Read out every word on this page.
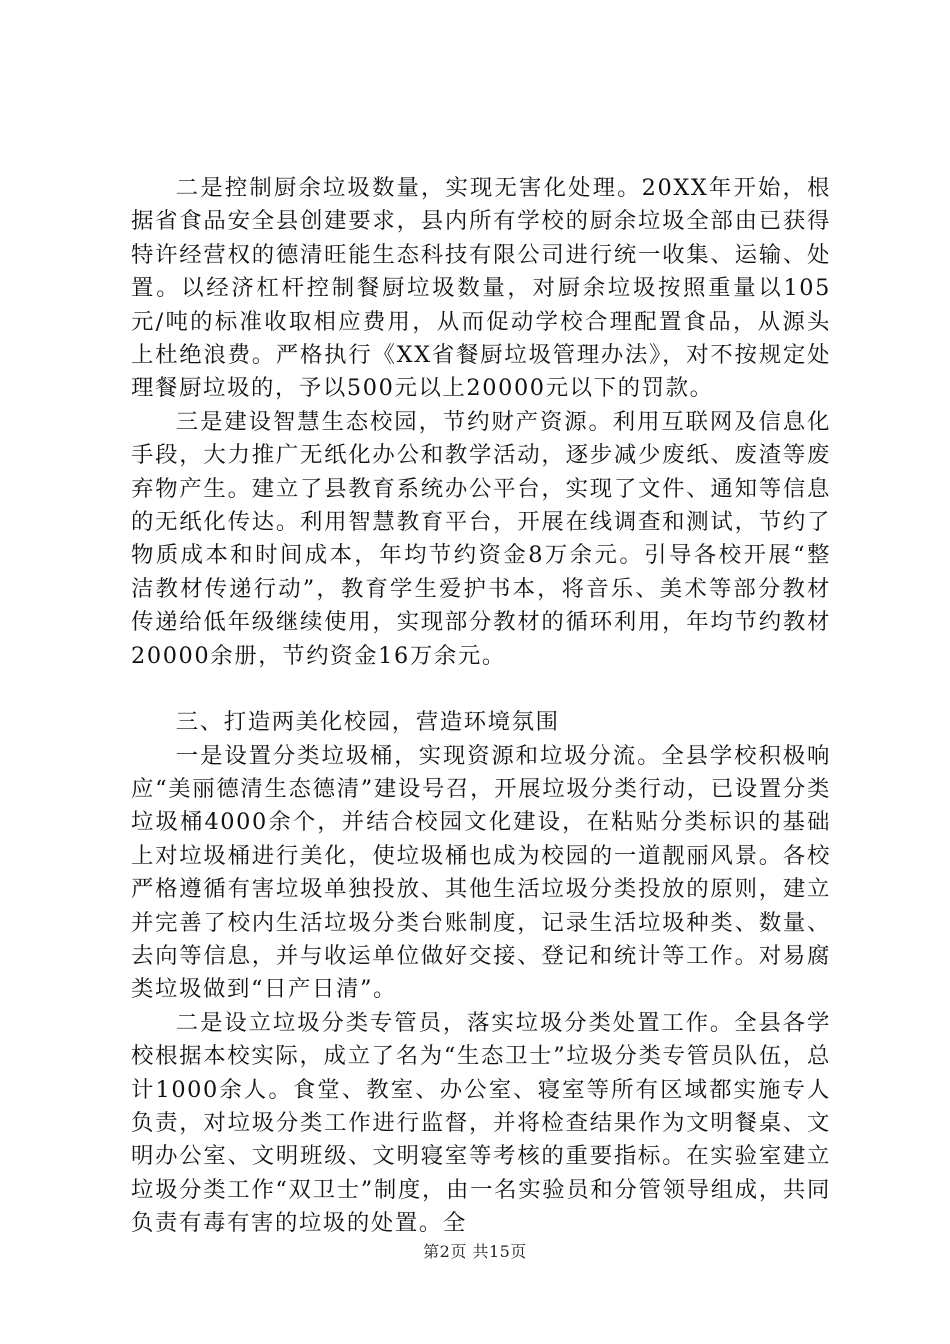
二是控制厨余垃圾数量，实现无害化处理。20XX年开始，根据省食品安全县创建要求，县内所有学校的厨余垃圾全部由已获得特许经营权的德清旺能生态科技有限公司进行统一收集、运输、处置。以经济杠杆控制餐厨垃圾数量，对厨余垃圾按照重量以105元/吨的标准收取相应费用，从而促动学校合理配置食品，从源头上杜绝浪费。严格执行《XX省餐厨垃圾管理办法》，对不按规定处理餐厨垃圾的，予以500元以上20000元以下的罚款。

三是建设智慧生态校园，节约财产资源。利用互联网及信息化手段，大力推广无纸化办公和教学活动，逐步减少废纸、废渣等废弃物产生。建立了县教育系统办公平台，实现了文件、通知等信息的无纸化传达。利用智慧教育平台，开展在线调查和测试，节约了物质成本和时间成本，年均节约资金8万余元。引导各校开展“整洁教材传递行动”，教育学生爱护书本，将音乐、美术等部分教材传递给低年级继续使用，实现部分教材的循环利用，年均节约教材20000余册，节约资金16万余元。

三、打造两美化校园，营造环境氛围

一是设置分类垃圾桶，实现资源和垃圾分流。全县学校积极响应“美丽德清生态德清”建设号召，开展垃圾分类行动，已设置分类垃圾桶4000余个，并结合校园文化建设，在粘贴分类标识的基础上对垃圾桶进行美化，使垃圾桶也成为校园的一道靓丽风景。各校严格遵循有害垃圾单独投放、其他生活垃圾分类投放的原则，建立并完善了校内生活垃圾分类台账制度，记录生活垃圾种类、数量、去向等信息，并与收运单位做好交接、登记和统计等工作。对易腐类垃圾做到“日产日清”。

二是设立垃圾分类专管员，落实垃圾分类处置工作。全县各学校根据本校实际，成立了名为“生态卫士”垃圾分类专管员队伍，总计1000余人。食堂、教室、办公室、寝室等所有区域都实施专人负责，对垃圾分类工作进行监督，并将检查结果作为文明餐桌、文明办公室、文明班级、文明寝室等考核的重要指标。在实验室建立垃圾分类工作“双卫士”制度，由一名实验员和分管领导组成，共同负责有毒有害的垃圾的处置。全

第2页 共15页
